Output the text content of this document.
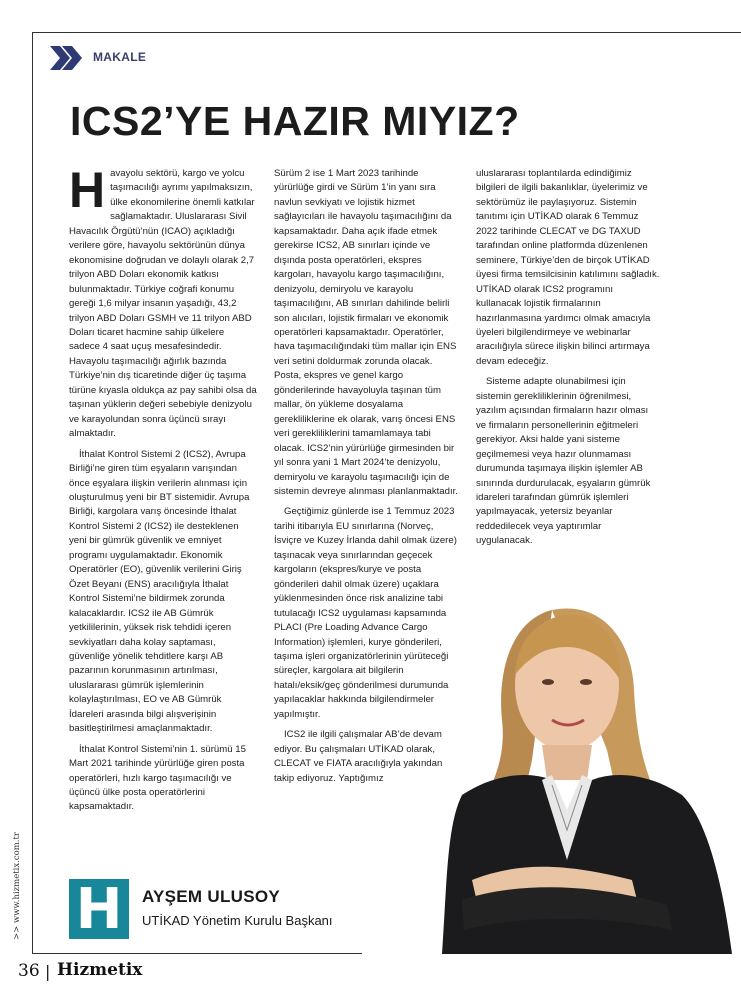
MAKALE
ICS2’YE HAZIR MIYIZ?

Havayolu sektörü, kargo ve yolcu taşımacılığı ayrımı yapılmaksızın, ülke ekonomilerine önemli katkılar sağlamaktadır. Uluslararası Sivil Havacılık Örgütü’nün (ICAO) açıkladığı verilere göre, havayolu sektörünün dünya ekonomisine doğrudan ve dolaylı olarak 2,7 trilyon ABD Doları ekonomik katkısı bulunmaktadır. Türkiye coğrafi konumu gereği 1,6 milyar insanın yaşadığı, 43,2 trilyon ABD Doları GSMH ve 11 trilyon ABD Doları ticaret hacmine sahip ülkelere sadece 4 saat uçuş mesafesindedir. Havayolu taşımacılığı ağırlık bazında Türkiye’nin dış ticaretinde diğer üç taşıma türüne kıyasla oldukça az pay sahibi olsa da taşınan yüklerin değeri sebebiyle denizyolu ve karayolundan sonra üçüncü sırayı almaktadır.

İthalat Kontrol Sistemi 2 (ICS2), Avrupa Birliği’ne giren tüm eşyaların varışından önce eşyalara ilişkin verilerin alınması için oluşturulmuş yeni bir BT sistemidir. Avrupa Birliği, kargolara varış öncesinde İthalat Kontrol Sistemi 2 (ICS2) ile desteklenen yeni bir gümrük güvenlik ve emniyet programı uygulamaktadır. Ekonomik Operatörler (EO), güvenlik verilerini Giriş Özet Beyanı (ENS) aracılığıyla İthalat Kontrol Sistemi’ne bildirmek zorunda kalacaklardır. ICS2 ile AB Gümrük yetkililerinin, yüksek risk tehdidi içeren sevkiyatları daha kolay saptaması, güvenliğe yönelik tehditlere karşı AB pazarının korunmasının artırılması, uluslararası gümrük işlemlerinin kolaylaştırılması, EO ve AB Gümrük İdareleri arasında bilgi alışverişinin basitleştirilmesi amaçlanmaktadır.

İthalat Kontrol Sistemi’nin 1. sürümü 15 Mart 2021 tarihinde yürürlüğe giren posta operatörleri, hızlı kargo taşımacılığı ve üçüncü ülke posta operatörlerini kapsamaktadır.

Sürüm 2 ise 1 Mart 2023 tarihinde yürürlüğe girdi ve Sürüm 1’in yanı sıra navlun sevkiyatı ve lojistik hizmet sağlayıcıları ile havayolu taşımacılığını da kapsamaktadır. Daha açık ifade etmek gerekirse ICS2, AB sınırları içinde ve dışında posta operatörleri, ekspres kargoları, havayolu kargo taşımacılığını, denizyolu, demiryolu ve karayolu taşımacılığını, AB sınırları dahilinde belirli son alıcıları, lojistik firmaları ve ekonomik operatörleri kapsamaktadır. Operatörler, hava taşımacılığındaki tüm mallar için ENS veri setini doldurmak zorunda olacak. Posta, ekspres ve genel kargo gönderilerinde havayoluyla taşınan tüm mallar, ön yükleme dosyalama gerekliliklerine ek olarak, varış öncesi ENS veri gerekliliklerini tamamlamaya tabi olacak. ICS2’nin yürürlüğe girmesinden bir yıl sonra yani 1 Mart 2024’te denizyolu, demiryolu ve karayolu taşımacılığı için de sistemin devreye alınması planlanmaktadır.

Geçtiğimiz günlerde ise 1 Temmuz 2023 tarihi itibarıyla EU sınırlarına (Norveç, İsviçre ve Kuzey İrlanda dahil olmak üzere) taşınacak veya sınırlarından geçecek kargoların (ekspres/kurye ve posta gönderileri dahil olmak üzere) uçaklara yüklenmesinden önce risk analizine tabi tutulacağı ICS2 uygulaması kapsamında PLACI (Pre Loading Advance Cargo Information) işlemleri, kurye gönderileri, taşıma işleri organizatörlerinin yürüteceği süreçler, kargolara ait bilgilerin hatalı/eksik/geç gönderilmesi durumunda yapılacaklar hakkında bilgilendirmeler yapılmıştır.

ICS2 ile ilgili çalışmalar AB’de devam ediyor. Bu çalışmaları UTİKAD olarak, CLECAT ve FIATA aracılığıyla yakından takip ediyoruz. Yaptığımız

uluslararası toplantılarda edindiğimiz bilgileri de ilgili bakanlıklar, üyelerimiz ve sektörümüz ile paylaşıyoruz. Sistemin tanıtımı için UTİKAD olarak 6 Temmuz 2022 tarihinde CLECAT ve DG TAXUD tarafından online platformda düzenlenen seminere, Türkiye’den de birçok UTİKAD üyesi firma temsilcisinin katılımını sağladık. UTİKAD olarak ICS2 programını kullanacak lojistik firmalarının hazırlanmasına yardımcı olmak amacıyla üyeleri bilgilendirmeye ve webinarlar aracılığıyla sürece ilişkin bilinci artırmaya devam edeceğiz.

Sisteme adapte olunabilmesi için sistemin gerekliliklerinin öğrenilmesi, yazılım açısından firmaların hazır olması ve firmaların personellerinin eğitmeleri gerekiyor. Aksi halde yani sisteme geçilmemesi veya hazır olunmaması durumunda taşımaya ilişkin işlemler AB sınırında durdurulacak, eşyaların gümrük idareleri tarafından gümrük işlemleri yapılmayacak, yetersiz beyanlar reddedilecek veya yaptırımlar uygulanacak.

H	AYŞEM ULUSOY
UTİKAD Yönetim Kurulu Başkanı
>> www.hizmetix.com.tr
36 | Hizmetix
